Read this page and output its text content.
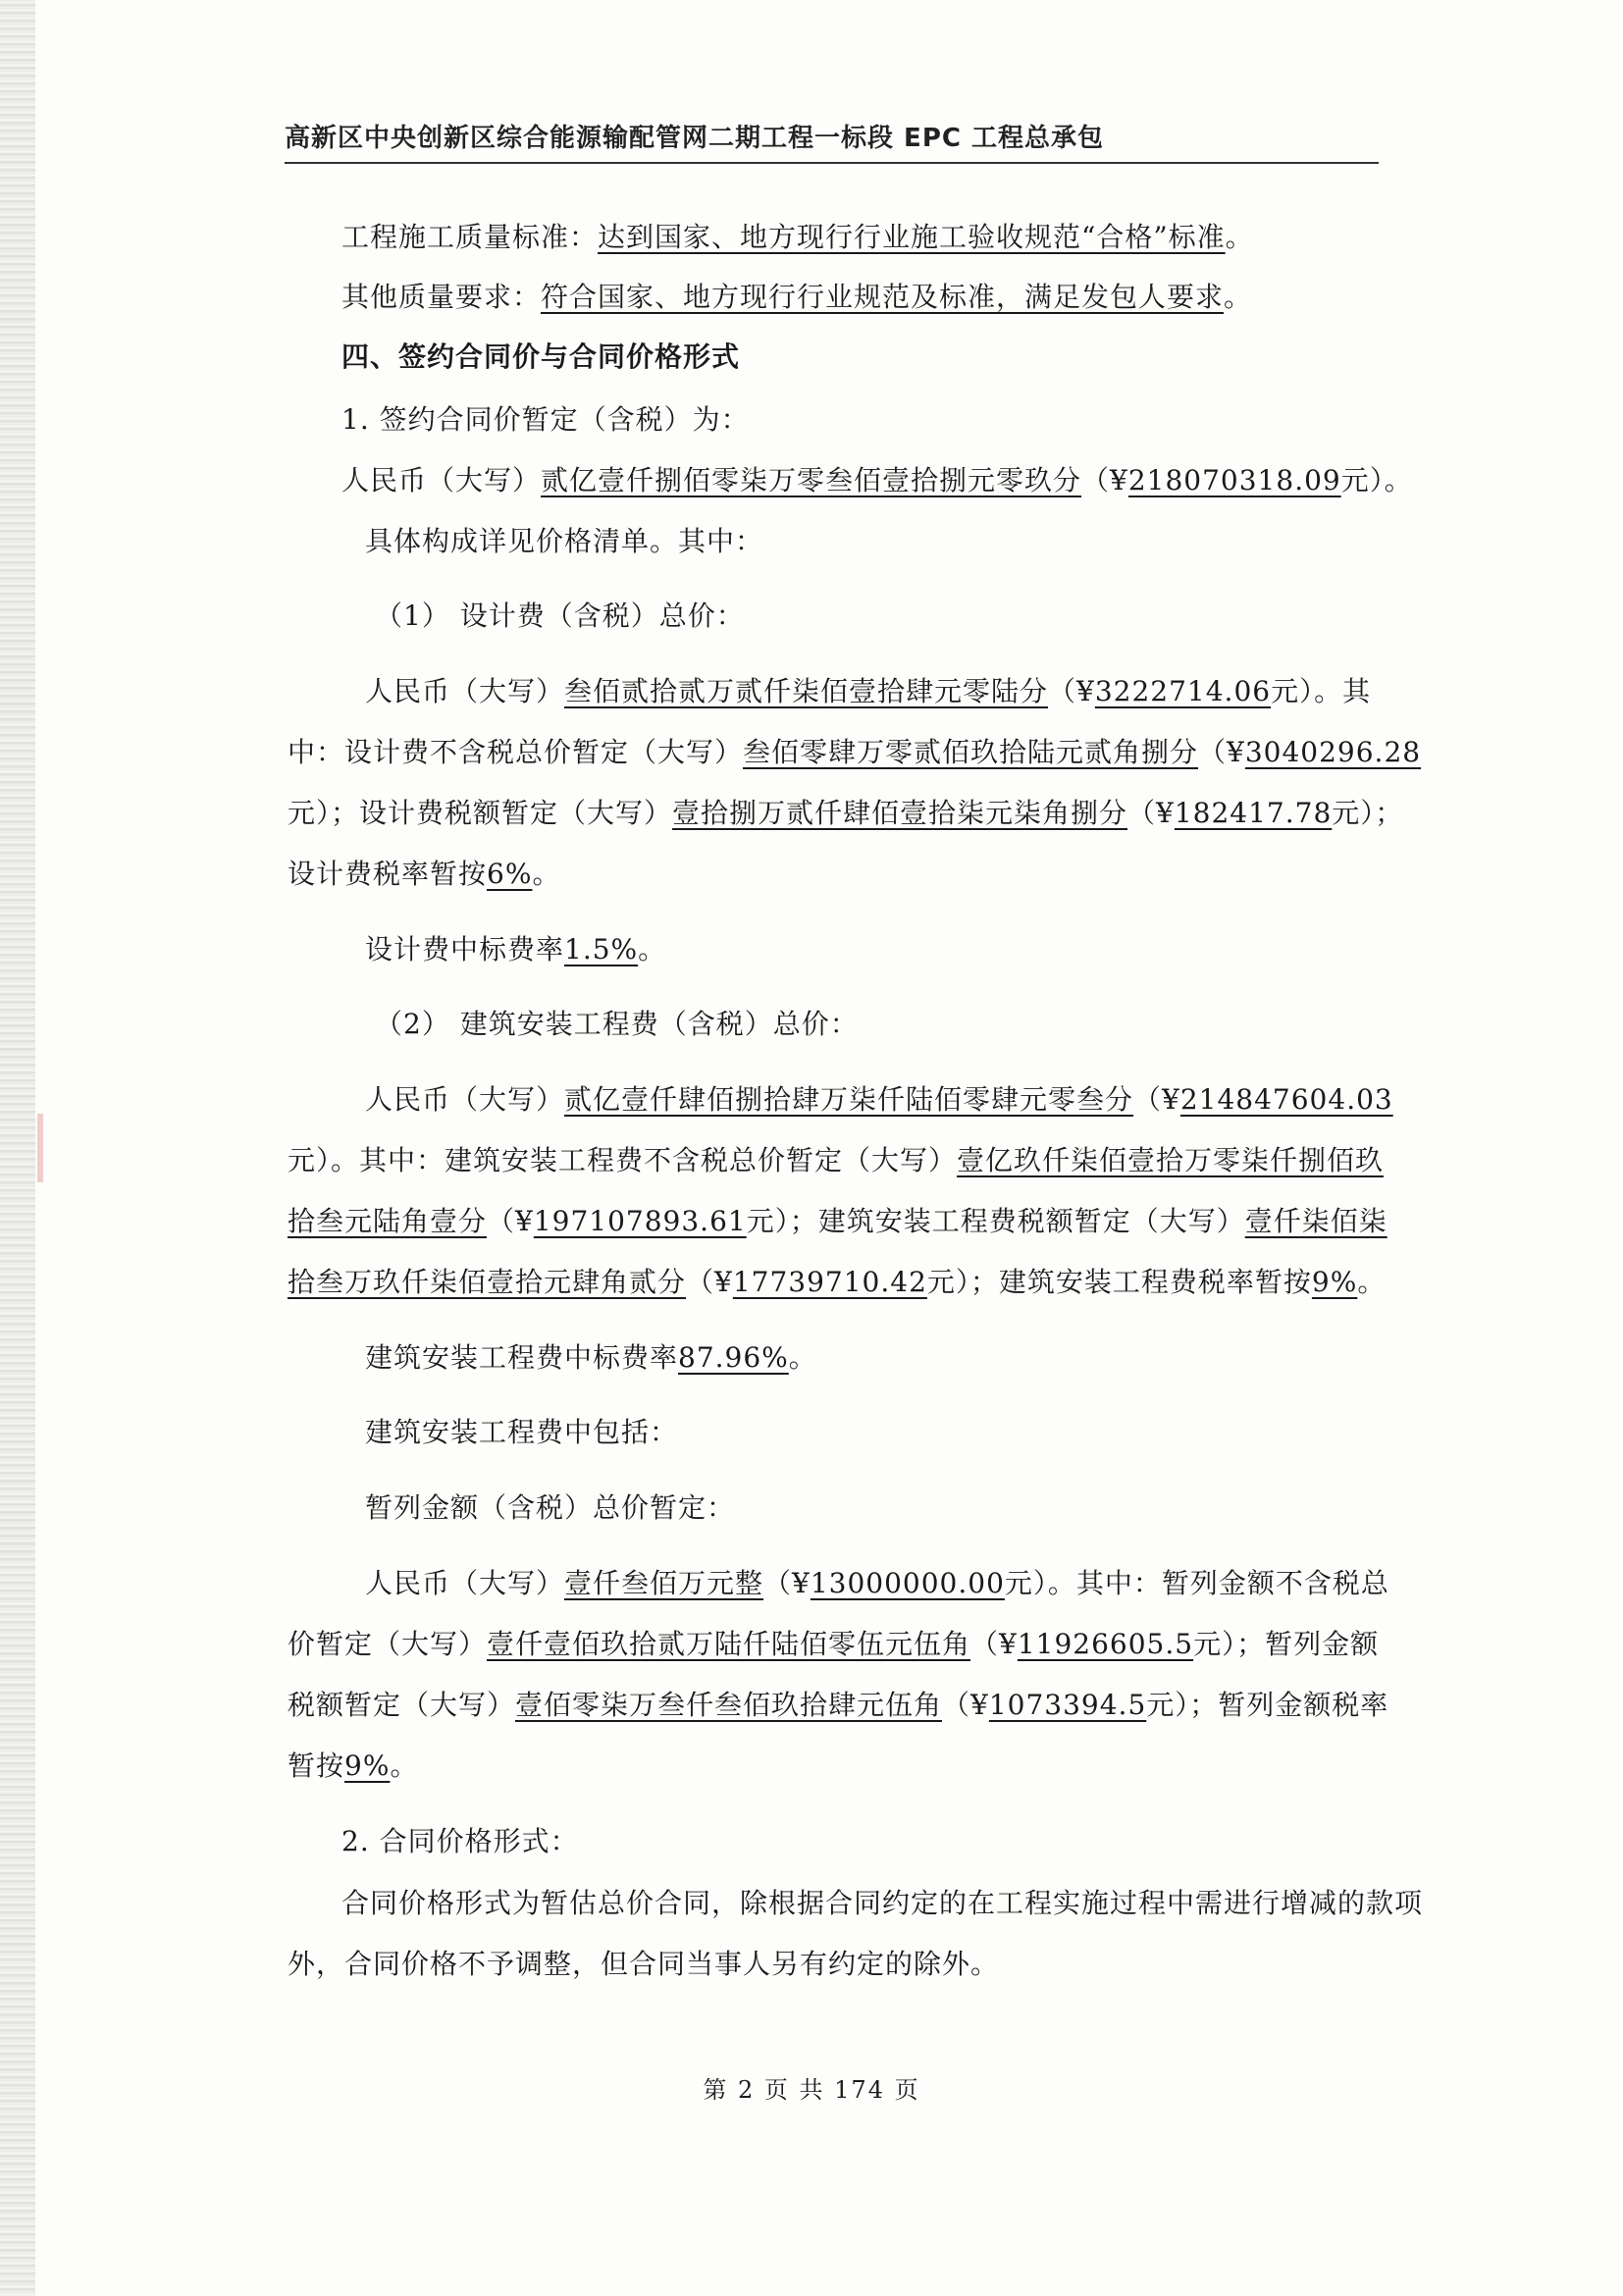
高新区中央创新区综合能源输配管网二期工程一标段 EPC 工程总承包
工程施工质量标准：达到国家、地方现行行业施工验收规范“合格”标准。
其他质量要求：符合国家、地方现行行业规范及标准，满足发包人要求。
四、签约合同价与合同价格形式
1. 签约合同价暂定（含税）为：
人民币（大写）贰亿壹仟捌佰零柒万零叁佰壹拾捌元零玖分（¥218070318.09元）。
具体构成详见价格清单。其中：
（1） 设计费（含税）总价：
人民币（大写）叁佰贰拾贰万贰仟柒佰壹拾肆元零陆分（¥3222714.06元）。其
中：设计费不含税总价暂定（大写）叁佰零肆万零贰佰玖拾陆元贰角捌分（¥3040296.28
元）；设计费税额暂定（大写）壹拾捌万贰仟肆佰壹拾柒元柒角捌分（¥182417.78元）；
设计费税率暂按6%。
设计费中标费率1.5%。
（2） 建筑安装工程费（含税）总价：
人民币（大写）贰亿壹仟肆佰捌拾肆万柒仟陆佰零肆元零叁分（¥214847604.03
元）。其中：建筑安装工程费不含税总价暂定（大写）壹亿玖仟柒佰壹拾万零柒仟捌佰玖
拾叁元陆角壹分（¥197107893.61元）；建筑安装工程费税额暂定（大写）壹仟柒佰柒
拾叁万玖仟柒佰壹拾元肆角贰分（¥17739710.42元）；建筑安装工程费税率暂按9%。
建筑安装工程费中标费率87.96%。
建筑安装工程费中包括：
暂列金额（含税）总价暂定：
人民币（大写）壹仟叁佰万元整（¥13000000.00元）。其中：暂列金额不含税总
价暂定（大写）壹仟壹佰玖拾贰万陆仟陆佰零伍元伍角（¥11926605.5元）；暂列金额
税额暂定（大写）壹佰零柒万叁仟叁佰玖拾肆元伍角（¥1073394.5元）；暂列金额税率
暂按9%。
2. 合同价格形式：
合同价格形式为暂估总价合同，除根据合同约定的在工程实施过程中需进行增减的款项
外，合同价格不予调整，但合同当事人另有约定的除外。
第 2 页 共 174 页
